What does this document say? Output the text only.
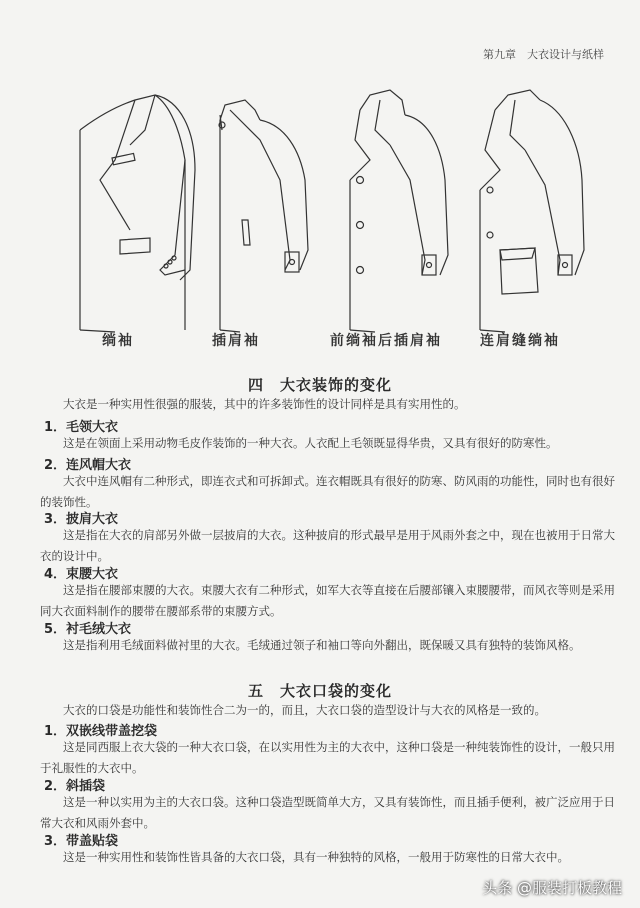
第九章　大衣设计与纸样
绱袖	插肩袖	前绱袖后插肩袖	连肩缝绱袖
四　大衣装饰的变化
大衣是一种实用性很强的服装，其中的许多装饰性的设计同样是具有实用性的。
1．毛领大衣
这是在领面上采用动物毛皮作装饰的一种大衣。人衣配上毛领既显得华贵，又具有很好的防寒性。
2．连风帽大衣
大衣中连风帽有二种形式，即连衣式和可拆卸式。连衣帽既具有很好的防寒、防风雨的功能性，同时也有很好的装饰性。
3．披肩大衣
这是指在大衣的肩部另外做一层披肩的大衣。这种披肩的形式最早是用于风雨外套之中，现在也被用于日常大衣的设计中。
4．束腰大衣
这是指在腰部束腰的大衣。束腰大衣有二种形式，如军大衣等直接在后腰部镶入束腰腰带，而风衣等则是采用同大衣面料制作的腰带在腰部系带的束腰方式。
5．衬毛绒大衣
这是指利用毛绒面料做衬里的大衣。毛绒通过领子和袖口等向外翻出，既保暖又具有独特的装饰风格。
五　大衣口袋的变化
大衣的口袋是功能性和装饰性合二为一的，而且，大衣口袋的造型设计与大衣的风格是一致的。
1．双嵌线带盖挖袋
这是同西服上衣大袋的一种大衣口袋，在以实用性为主的大衣中，这种口袋是一种纯装饰性的设计，一般只用于礼服性的大衣中。
2．斜插袋
这是一种以实用为主的大衣口袋。这种口袋造型既简单大方，又具有装饰性，而且插手便利，被广泛应用于日常大衣和风雨外套中。
3．带盖贴袋
这是一种实用性和装饰性皆具备的大衣口袋，具有一种独特的风格，一般用于防寒性的日常大衣中。
头条 @服装打板教程
